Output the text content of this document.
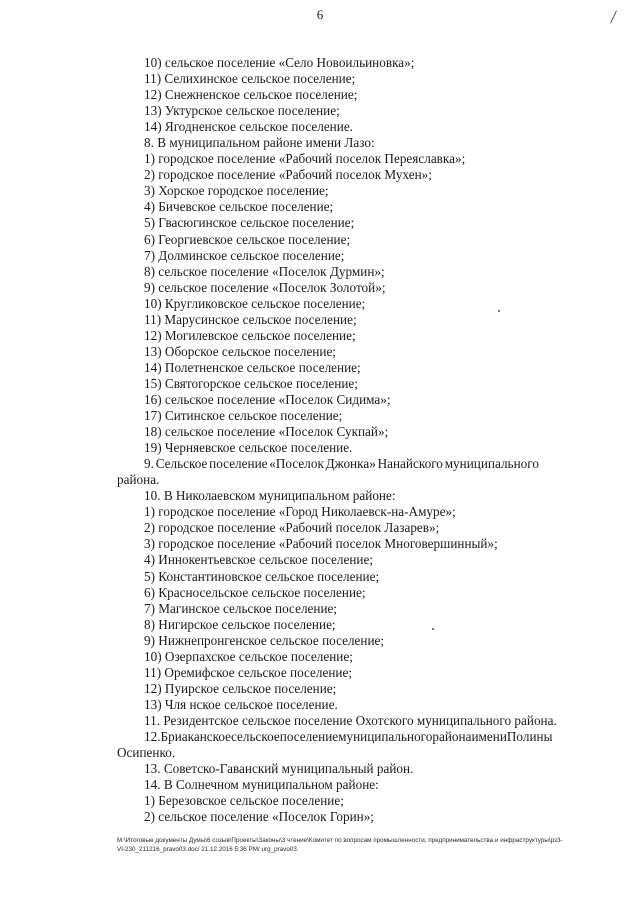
6
10) сельское поселение «Село Новоильиновка»;
11) Селихинское сельское поселение;
12) Снежненское сельское поселение;
13) Уктурское сельское поселение;
14) Ягодненское сельское поселение.
8. В муниципальном районе имени Лазо:
1) городское поселение «Рабочий поселок Переяславка»;
2) городское поселение «Рабочий поселок Мухен»;
3) Хорское городское поселение;
4) Бичевское сельское поселение;
5) Гвасюгинское сельское поселение;
6) Георгиевское сельское поселение;
7) Долминское сельское поселение;
8) сельское поселение «Поселок Дурмин»;
9) сельское поселение «Поселок Золотой»;
10) Кругликовское сельское поселение;
11) Марусинское сельское поселение;
12) Могилевское сельское поселение;
13) Оборское сельское поселение;
14) Полетненское сельское поселение;
15) Святогорское сельское поселение;
16) сельское поселение «Поселок Сидима»;
17) Ситинское сельское поселение;
18) сельское поселение «Поселок Сукпай»;
19) Черняевское сельское поселение.
9. Сельское поселение «Поселок Джонка» Нанайского муниципального
района.
10. В Николаевском муниципальном районе:
1) городское поселение «Город Николаевск-на-Амуре»;
2) городское поселение «Рабочий поселок Лазарев»;
3) городское поселение «Рабочий поселок Многовершинный»;
4) Иннокентьевское сельское поселение;
5) Константиновское сельское поселение;
6) Красносельское сельское поселение;
7) Магинское сельское поселение;
8) Нигирское сельское поселение;
9) Нижнепронгенское сельское поселение;
10) Озерпахское сельское поселение;
11) Оремифское сельское поселение;
12) Пуирское сельское поселение;
13) Чля нское сельское поселение.
11. Резидентское сельское поселение Охотского муниципального района.
12. Бриаканское сельское поселение муниципального района имени Полины
Осипенко.
13. Советско-Гаванский муниципальный район.
14. В Солнечном муниципальном районе:
1) Березовское сельское поселение;
2) сельское поселение «Поселок Горин»;
M:\Итоговые документы Думы\6 созыв\Проекты\Законы\3 чтение\Комитет по вопросам промышленности, предпринимательства и инфраструктуры\рз3-
VI-230_211216_pravo03.doc/ 21.12.2016 5:36 PM/ urg_pravo03
